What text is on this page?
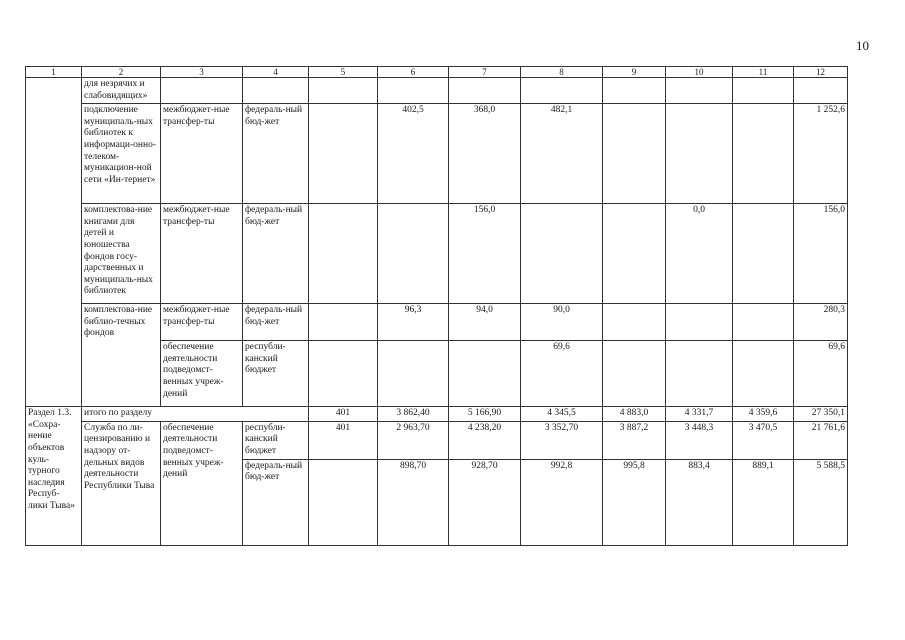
10
1	2	3	4	5	6	7	8	9	10	11	12
	для незрячих и слабовидящих»										
	подключение муниципаль-ных библиотек к информаци-онно-телеком-муникацион-ной сети «Ин-тернет»	межбюджет-ные трансфер-ты	федераль-ный бюд-жет		402,5	368,0	482,1				1 252,6
	комплектова-ние книгами для детей и юношества фондов госу-дарственных и муниципаль-ных библиотек	межбюджет-ные трансфер-ты	федераль-ный бюд-жет			156,0			0,0		156,0
	комплектова-ние библио-течных фондов	межбюджет-ные трансфер-ты	федераль-ный бюд-жет		96,3	94,0	90,0				280,3
		обеспечение деятельности подведомст-венных учреж-дений	республи-канский бюджет				69,6				69,6
Раздел 1.3. «Сохра-нение объектов куль-турного наследия Респуб-лики Тыва»	итого по разделу			401	3 862,40	5 166,90	4 345,5	4 883,0	4 331,7	4 359,6	27 350,1
	Служба по ли-цензированию и надзору от-дельных видов деятельности Республики Тыва	обеспечение деятельности подведомст-венных учреж-дений	республи-канский бюджет	401	2 963,70	4 238,20	3 352,70	3 887,2	3 448,3	3 470,5	21 761,6
			федераль-ный бюд-жет		898,70	928,70	992,8	995,8	883,4	889,1	5 588,5
